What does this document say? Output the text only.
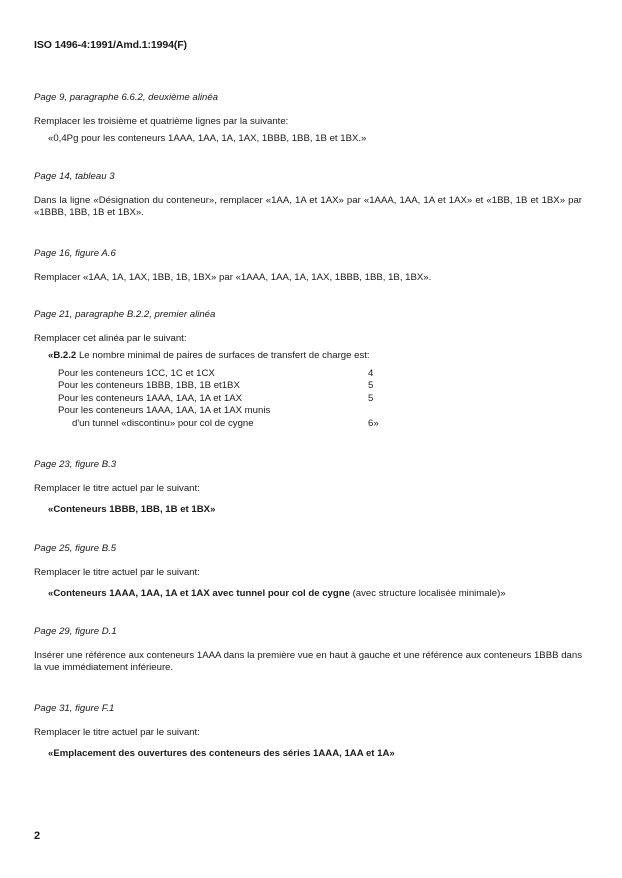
ISO 1496-4:1991/Amd.1:1994(F)
Page 9, paragraphe 6.6.2, deuxième alinéa
Remplacer les troisième et quatrième lignes par la suivante:
«0,4Pg pour les conteneurs 1AAA, 1AA, 1A, 1AX, 1BBB, 1BB, 1B et 1BX.»
Page 14, tableau 3
Dans la ligne «Désignation du conteneur», remplacer «1AA, 1A et 1AX» par «1AAA, 1AA, 1A et 1AX» et «1BB, 1B et 1BX» par «1BBB, 1BB, 1B et 1BX».
Page 16, figure A.6
Remplacer «1AA, 1A, 1AX, 1BB, 1B, 1BX» par «1AAA, 1AA, 1A, 1AX, 1BBB, 1BB, 1B, 1BX».
Page 21, paragraphe B.2.2, premier alinéa
Remplacer cet alinéa par le suivant:
«B.2.2 Le nombre minimal de paires de surfaces de transfert de charge est:
Pour les conteneurs 1CC, 1C et 1CX	4
Pour les conteneurs 1BBB, 1BB, 1B et1BX	5
Pour les conteneurs 1AAA, 1AA, 1A et 1AX	5
Pour les conteneurs 1AAA, 1AA, 1A et 1AX munis	
d'un tunnel «discontinu» pour col de cygne	6»
Page 23, figure B.3
Remplacer le titre actuel par le suivant:
«Conteneurs 1BBB, 1BB, 1B et 1BX»
Page 25, figure B.5
Remplacer le titre actuel par le suivant:
«Conteneurs 1AAA, 1AA, 1A et 1AX avec tunnel pour col de cygne (avec structure localisée minimale)»
Page 29, figure D.1
Insérer une référence aux conteneurs 1AAA dans la première vue en haut à gauche et une référence aux conteneurs 1BBB dans la vue immédiatement inférieure.
Page 31, figure F.1
Remplacer le titre actuel par le suivant:
«Emplacement des ouvertures des conteneurs des séries 1AAA, 1AA et 1A»
2
